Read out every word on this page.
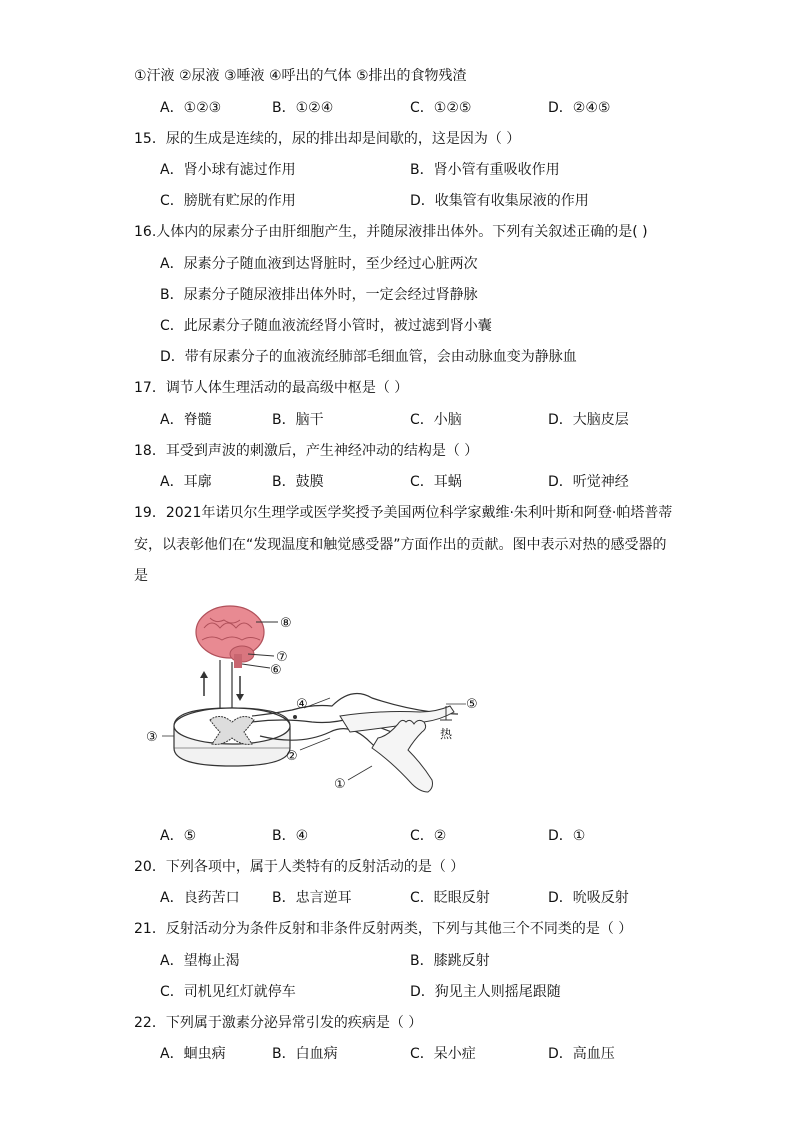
①汗液 ②尿液 ③唾液 ④呼出的气体 ⑤排出的食物残渣
A．①②③	B．①②④	C．①②⑤	D．②④⑤
15．尿的生成是连续的，尿的排出却是间歇的，这是因为（ ）
A．肾小球有滤过作用	B．肾小管有重吸收作用
C．膀胱有贮尿的作用	D．收集管有收集尿液的作用
16.人体内的尿素分子由肝细胞产生，并随尿液排出体外。下列有关叙述正确的是( )
A．尿素分子随血液到达肾脏时，至少经过心脏两次
B．尿素分子随尿液排出体外时，一定会经过肾静脉
C．此尿素分子随血液流经肾小管时，被过滤到肾小囊
D．带有尿素分子的血液流经肺部毛细血管，会由动脉血变为静脉血
17．调节人体生理活动的最高级中枢是（ ）
A．脊髓	B．脑干	C．小脑	D．大脑皮层
18．耳受到声波的刺激后，产生神经冲动的结构是（ ）
A．耳廓	B．鼓膜	C．耳蜗	D．听觉神经
19．2021年诺贝尔生理学或医学奖授予美国两位科学家戴维·朱利叶斯和阿登·帕塔普蒂
安，以表彰他们在“发现温度和触觉感受器”方面作出的贡献。图中表示对热的感受器的
是
热
⑧
⑦
⑥
④	⑤
③
②
①
A．⑤	B．④	C．②	D．①
20．下列各项中，属于人类特有的反射活动的是（ ）
A．良药苦口 B．忠言逆耳	C．眨眼反射	D．吮吸反射
21．反射活动分为条件反射和非条件反射两类，下列与其他三个不同类的是（ ）
A．望梅止渴	B．膝跳反射
C．司机见红灯就停车	D．狗见主人则摇尾跟随
22．下列属于激素分泌异常引发的疾病是（ ）
A．蛔虫病	B．白血病	C．呆小症	D．高血压
